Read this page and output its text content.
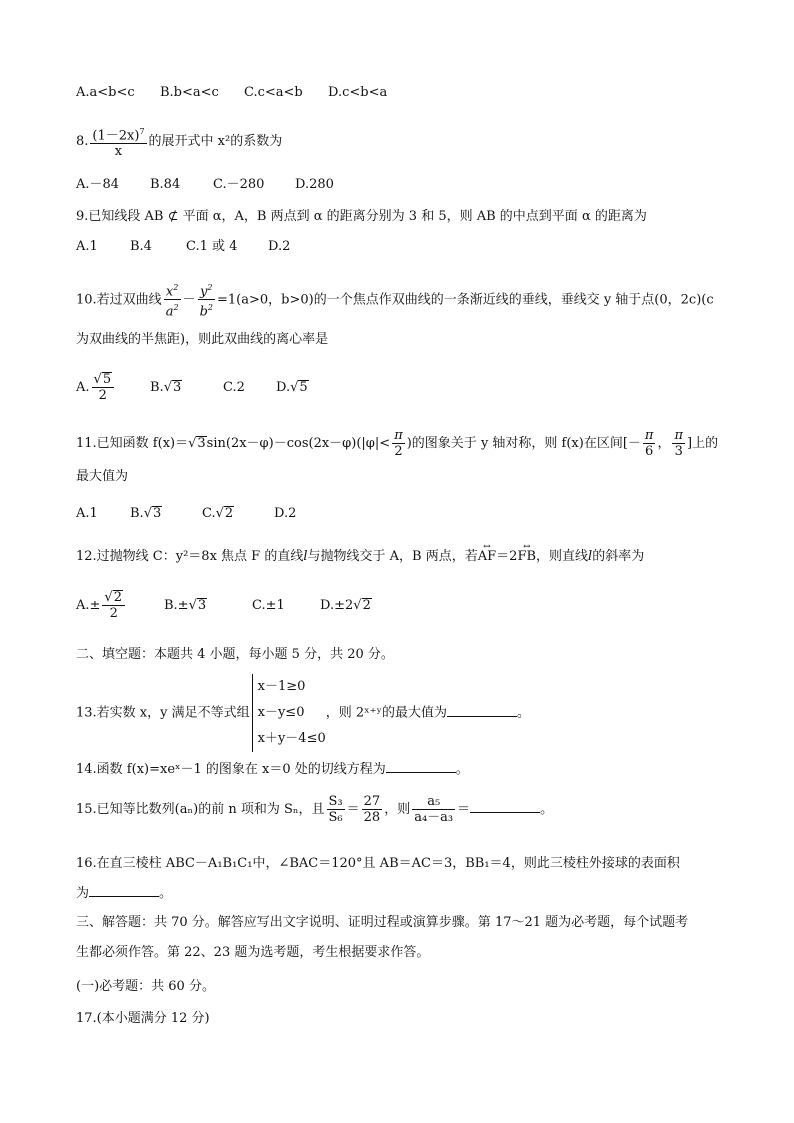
A.a<b<c B.b<a<c C.c<a<b D.c<b<a
8. $\frac{(1-2x)^7}{x}$ 的展开式中 x²的系数为
A.－84 B.84	C.－280 D.280
9.已知线段 AB ⊄ 平面 α，A，B 两点到 α 的距离分别为 3 和 5，则 AB 的中点到平面 α 的距离为
A.1 B.4	C.1 或 4 D.2
10.若过双曲线 $\frac{x^2}{a^2} - \frac{y^2}{b^2} =1(a>0$，b>0)的一个焦点作双曲线的一条渐近线的垂线，垂线交 y 轴于点(0，2c)(c
为双曲线的半焦距)，则此双曲线的离心率是
A. $\frac{√5}{2}$	B.√3	C.2 D.√5
11.已知函数 $f(x)=√3\sin(2x-\varphi)-\cos(2x-\varphi)(|\varphi|< \frac{\pi}{2}$ )的图象关于 y 轴对称，则 f(x)在区间[－ $\frac{\pi}{6}$ ， $\frac{\pi}{3}$ ]上的
最大值为
A.1 B.√3	C.√2	D.2
12.过抛物线 C：y²＝8x 焦点 F 的直线l与抛物线交于 A，B 两点，若↔ AF＝2↔ FB，则直线l的斜率为
$A.\pm \frac{√2}{2}$	B.±√3	C.±1	D.±2√2
二、填空题：本题共 4 小题，每小题 5 分，共 20 分。
13.若实数 x，y 满足不等式组
x－1≥0
x－y≤0
x＋y－4≤0
，则 2ˣ⁺ʸ的最大值为	。
14.函数 f(x)=xeˣ－1 的图象在 x＝0 处的切线方程为	。
15.已知等比数列(aₙ)的前 n 项和为 Sₙ，且 $\frac{\text{S₃}}{\text{S₆}} = \frac{27}{28}$ ，则 $\frac{\text{a₅}}{\text{a₄－a₃}}$ ＝	。
16.在直三棱柱 ABC－A₁B₁C₁中，∠BAC＝120°且 AB＝AC＝3，BB₁＝4，则此三棱柱外接球的表面积
为	。
三、解答题：共 70 分。解答应写出文字说明、证明过程或演算步骤。第 17～21 题为必考题，每个试题考
生都必须作答。第 22、23 题为选考题，考生根据要求作答。
(一)必考题：共 60 分。
17.(本小题满分 12 分)
